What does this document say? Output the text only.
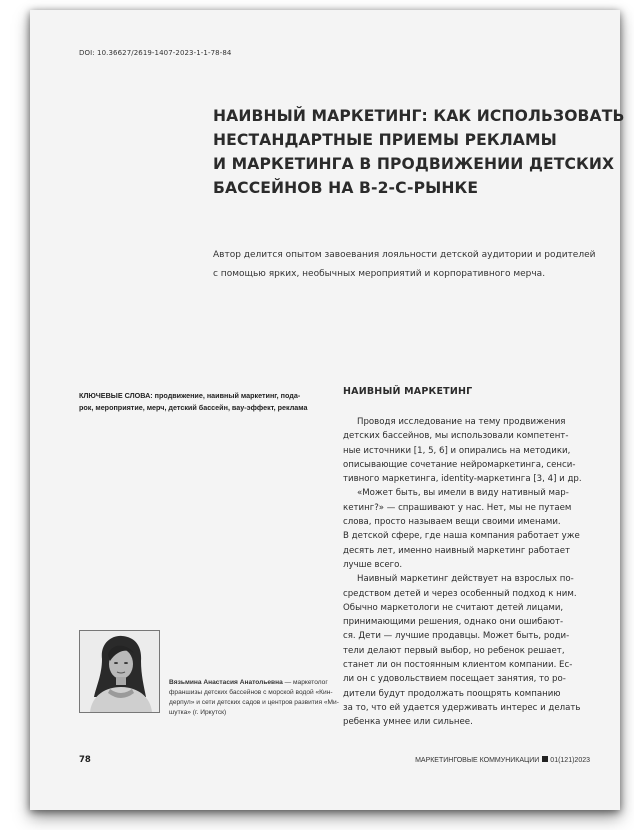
DOI: 10.36627/2619-1407-2023-1-1-78-84
НАИВНЫЙ МАРКЕТИНГ: КАК ИСПОЛЬЗОВАТЬ
НЕСТАНДАРТНЫЕ ПРИЕМЫ РЕКЛАМЫ
И МАРКЕТИНГА В ПРОДВИЖЕНИИ ДЕТСКИХ
БАССЕЙНОВ НА B-2-C-РЫНКЕ
Автор делится опытом завоевания лояльности детской аудитории и родителей
с помощью ярких, необычных мероприятий и корпоративного мерча.
КЛЮЧЕВЫЕ СЛОВА: продвижение, наивный маркетинг, пода-
рок, мероприятие, мерч, детский бассейн, вау-эффект, реклама
НАИВНЫЙ МАРКЕТИНГ
Проводя исследование на тему продвижения
детских бассейнов, мы использовали компетент-
ные источники [1, 5, 6] и опирались на методики,
описывающие сочетание нейромаркетинга, сенси-
тивного маркетинга, identity-маркетинга [3, 4] и др.
«Может быть, вы имели в виду нативный мар-
кетинг?» — спрашивают у нас. Нет, мы не путаем
слова, просто называем вещи своими именами.
В детской сфере, где наша компания работает уже
десять лет, именно наивный маркетинг работает
лучше всего.
Наивный маркетинг действует на взрослых по-
средством детей и через особенный подход к ним.
Обычно маркетологи не считают детей лицами,
принимающими решения, однако они ошибают-
ся. Дети — лучшие продавцы. Может быть, роди-
тели делают первый выбор, но ребенок решает,
станет ли он постоянным клиентом компании. Ес-
ли он с удовольствием посещает занятия, то ро-
дители будут продолжать поощрять компанию
за то, что ей удается удерживать интерес и делать
ребенка умнее или сильнее.
Вязьмина Анастасия Анатольевна — маркетолог
франшизы детских бассейнов с морской водой «Кин-
дерпул» и сети детских садов и центров развития «Ми-
шутка» (г. Иркутск)
78	МАРКЕТИНГОВЫЕ КОММУНИКАЦИИ 01(121)2023
